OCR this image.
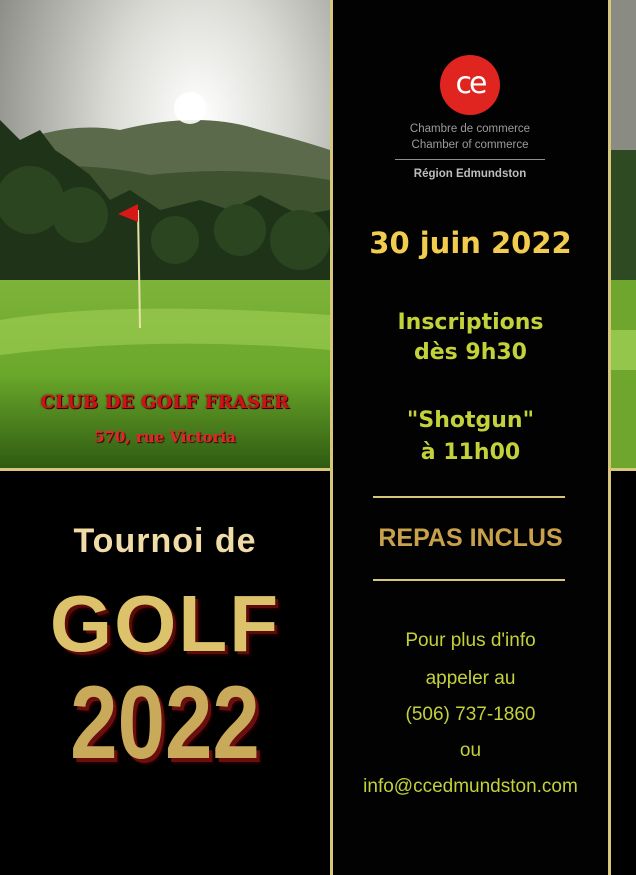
CLUB DE GOLF FRASER
570, rue Victoria
ce
Chambre de commerce
Chamber of commerce
Région Edmundston
30 juin 2022
Inscriptions
dès 9h30
"Shotgun"
à 11h00
REPAS INCLUS
Pour plus d'info
appeler au
(506) 737-1860
ou
info@ccedmundston.com
Tournoi de
GOLF
2022
